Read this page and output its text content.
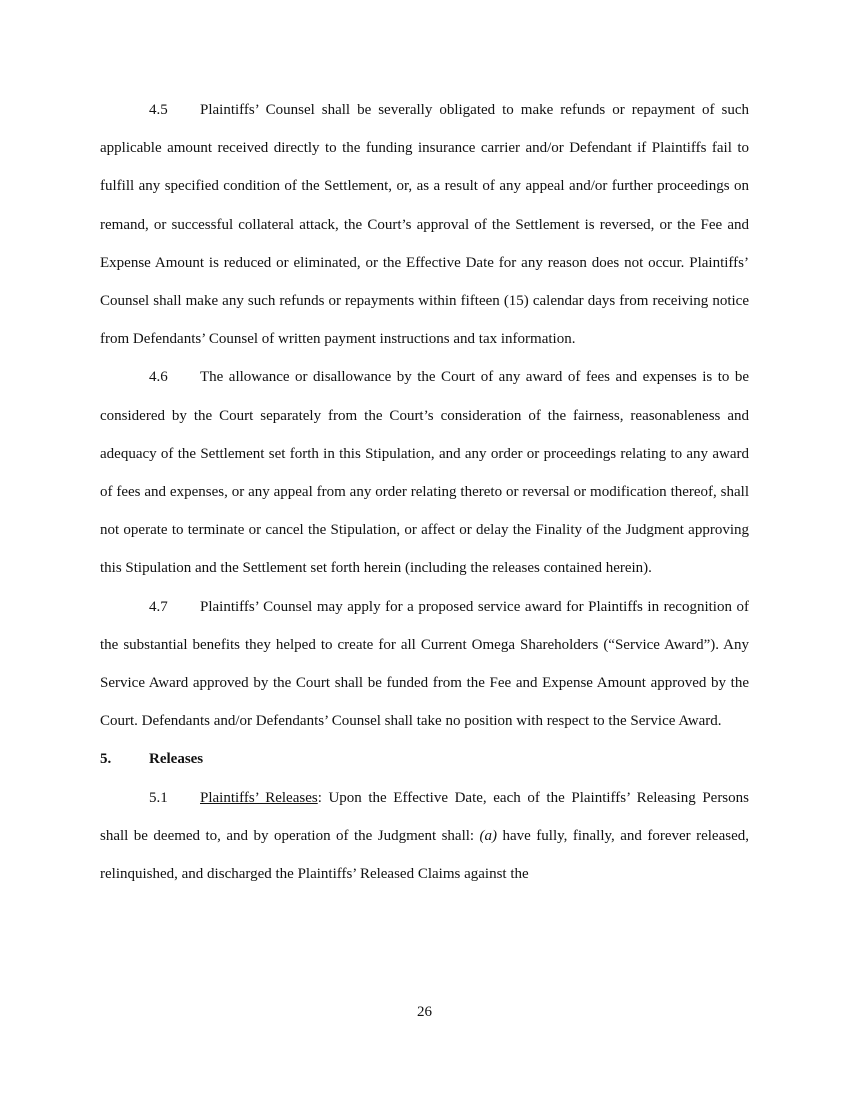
4.5 Plaintiffs’ Counsel shall be severally obligated to make refunds or repayment of such applicable amount received directly to the funding insurance carrier and/or Defendant if Plaintiffs fail to fulfill any specified condition of the Settlement, or, as a result of any appeal and/or further proceedings on remand, or successful collateral attack, the Court’s approval of the Settlement is reversed, or the Fee and Expense Amount is reduced or eliminated, or the Effective Date for any reason does not occur. Plaintiffs’ Counsel shall make any such refunds or repayments within fifteen (15) calendar days from receiving notice from Defendants’ Counsel of written payment instructions and tax information.

4.6 The allowance or disallowance by the Court of any award of fees and expenses is to be considered by the Court separately from the Court’s consideration of the fairness, reasonableness and adequacy of the Settlement set forth in this Stipulation, and any order or proceedings relating to any award of fees and expenses, or any appeal from any order relating thereto or reversal or modification thereof, shall not operate to terminate or cancel the Stipulation, or affect or delay the Finality of the Judgment approving this Stipulation and the Settlement set forth herein (including the releases contained herein).

4.7 Plaintiffs’ Counsel may apply for a proposed service award for Plaintiffs in recognition of the substantial benefits they helped to create for all Current Omega Shareholders (“Service Award”). Any Service Award approved by the Court shall be funded from the Fee and Expense Amount approved by the Court. Defendants and/or Defendants’ Counsel shall take no position with respect to the Service Award.

5.	Releases

5.1 Plaintiffs’ Releases: Upon the Effective Date, each of the Plaintiffs’ Releasing Persons shall be deemed to, and by operation of the Judgment shall: (a) have fully, finally, and forever released, relinquished, and discharged the Plaintiffs’ Released Claims against the

26
